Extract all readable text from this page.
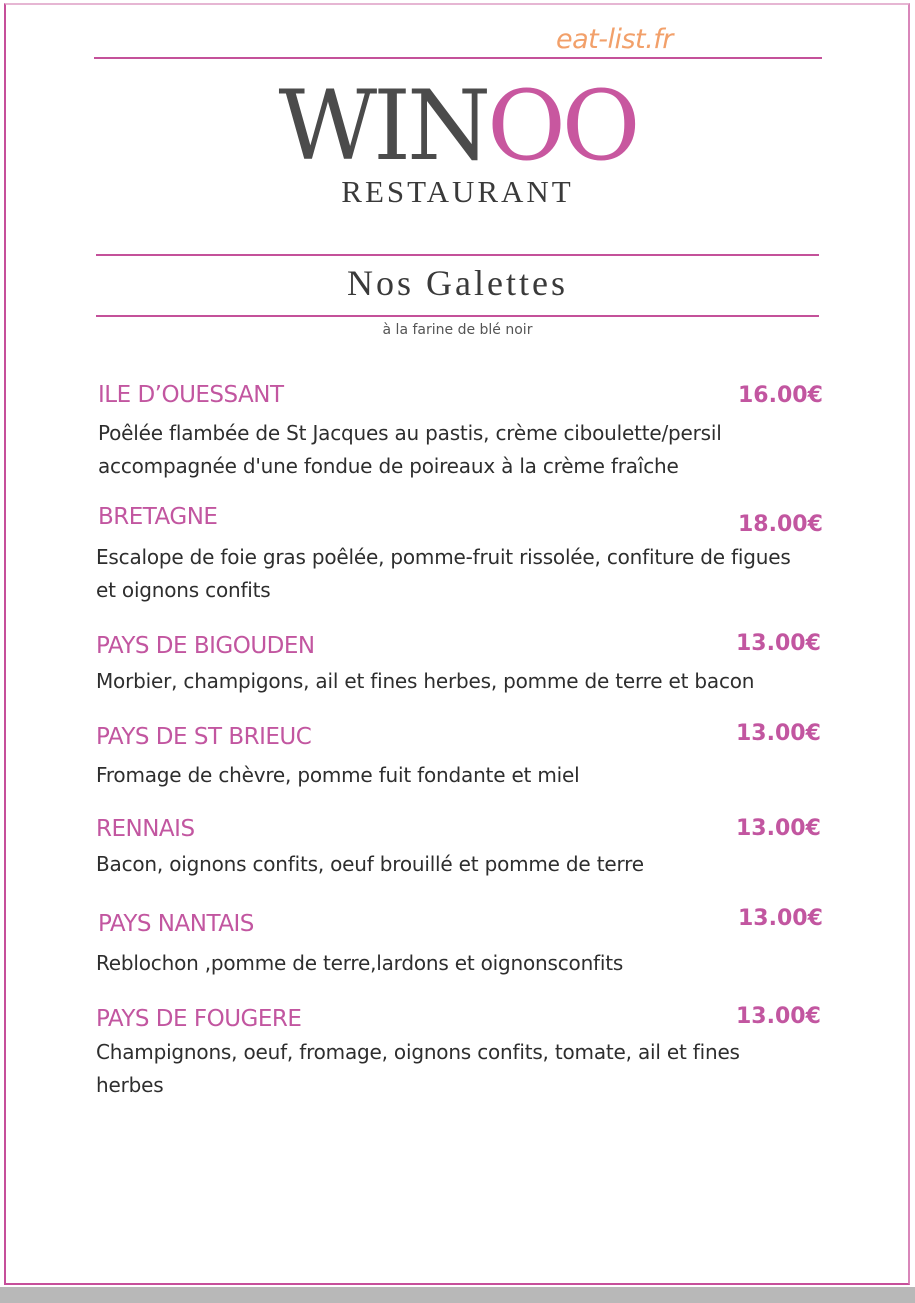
eat-list.fr
WINOO
RESTAURANT
Nos Galettes
à la farine de blé noir
ILE D’OUESSANT	16.00€
Poêlée flambée de St Jacques au pastis, crème ciboulette/persil accompagnée d'une fondue de poireaux à la crème fraîche
BRETAGNE	18.00€
Escalope de foie gras poêlée, pomme-fruit rissolée, confiture de figues et oignons confits
PAYS DE BIGOUDEN	13.00€
Morbier, champigons, ail et fines herbes, pomme de terre et bacon
PAYS DE ST BRIEUC	13.00€
Fromage de chèvre, pomme fuit fondante et miel
RENNAIS	13.00€
Bacon, oignons confits, oeuf brouillé et pomme de terre
PAYS NANTAIS	13.00€
Reblochon ,pomme de terre,lardons et oignonsconfits
PAYS DE FOUGERE	13.00€
Champignons, oeuf, fromage, oignons confits, tomate, ail et fines herbes
